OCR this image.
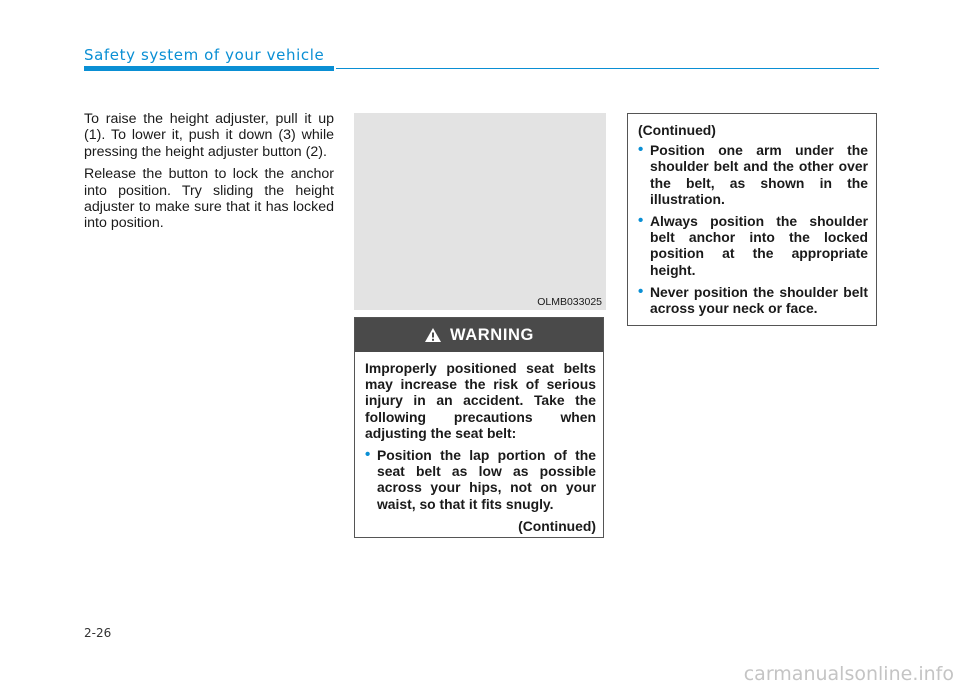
Safety system of your vehicle

To raise the height adjuster, pull it up (1). To lower it, push it down (3) while pressing the height adjuster button (2).

Release the button to lock the anchor into position. Try sliding the height adjuster to make sure that it has locked into position.

OLMB033025
WARNING

Improperly positioned seat belts may increase the risk of serious injury in an accident. Take the following precautions when adjusting the seat belt:

• Position the lap portion of the seat belt as low as possible across your hips, not on your waist, so that it fits snugly.
(Continued)

(Continued)

• Position one arm under the shoulder belt and the other over the belt, as shown in the illustration.
• Always position the shoulder belt anchor into the locked position at the appropriate height.
• Never position the shoulder belt across your neck or face.
2-26
carmanualsonline.info
